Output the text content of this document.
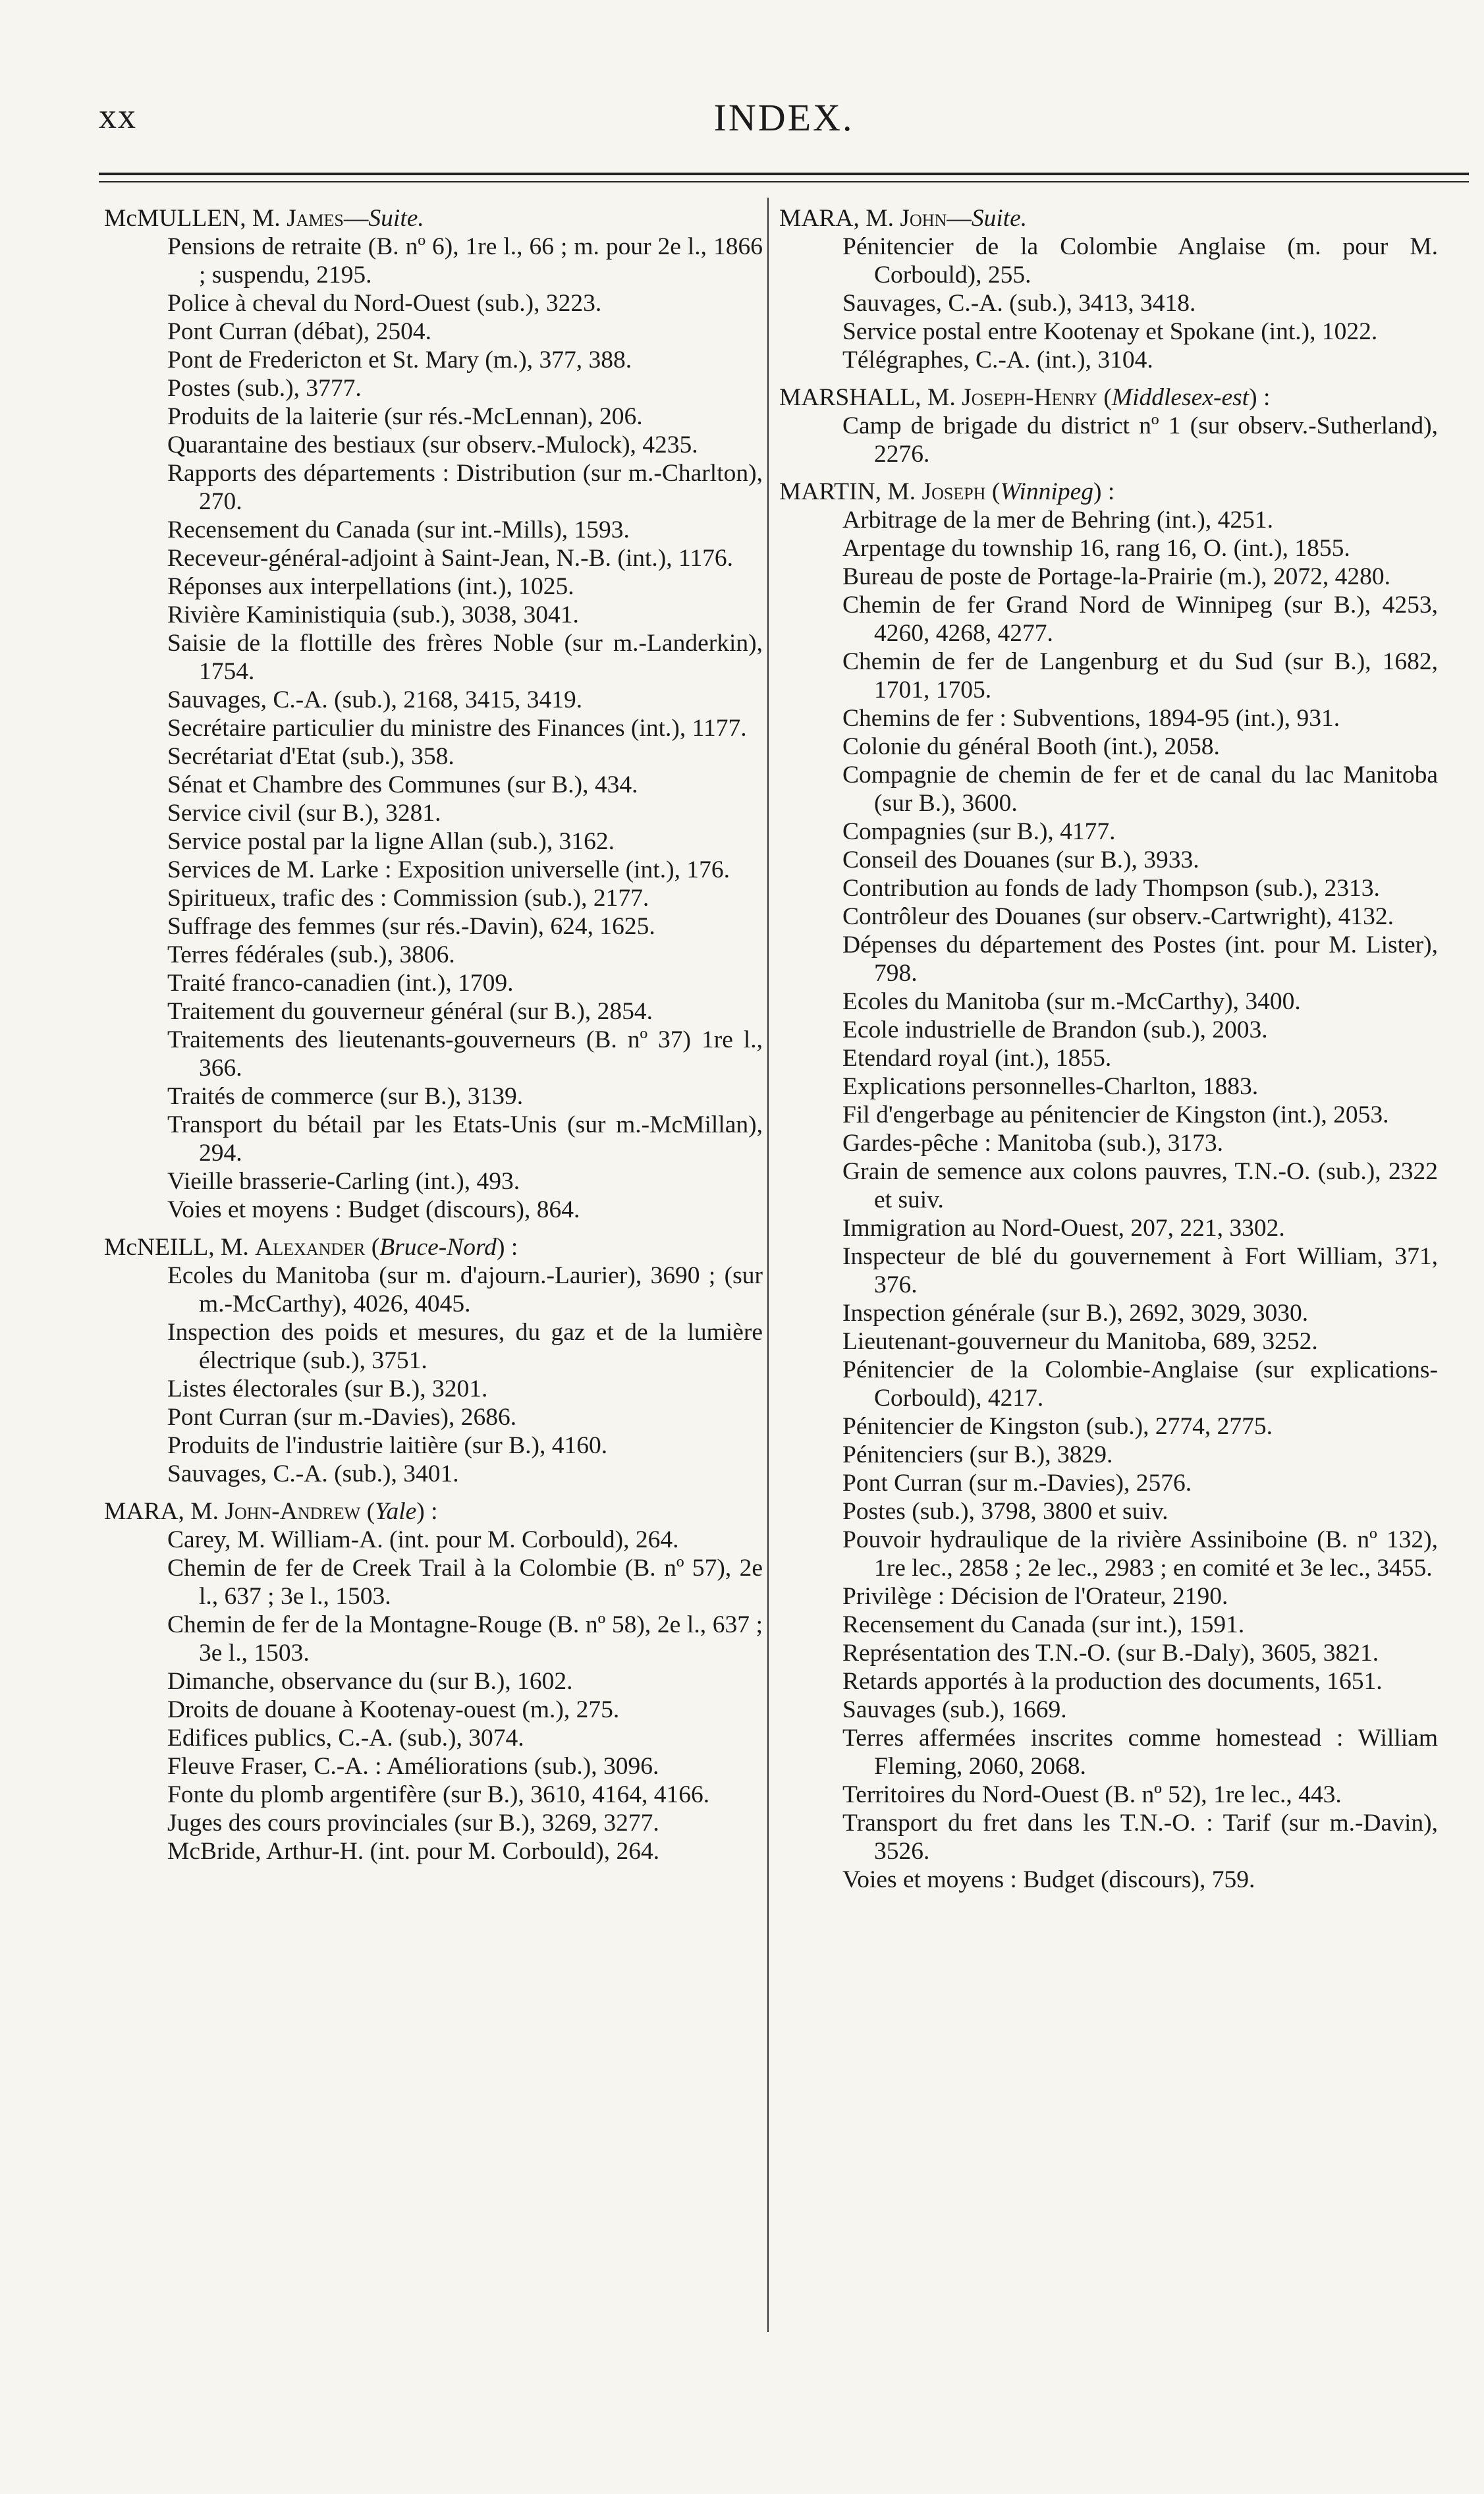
xx	INDEX.
McMULLEN, M. James—Suite.
Pensions de retraite (B. nº 6), 1re l., 66 ; m. pour 2e l., 1866 ; suspendu, 2195.
Police à cheval du Nord-Ouest (sub.), 3223.
Pont Curran (débat), 2504.
Pont de Fredericton et St. Mary (m.), 377, 388.
Postes (sub.), 3777.
Produits de la laiterie (sur rés.-McLennan), 206.
Quarantaine des bestiaux (sur observ.-Mulock), 4235.
Rapports des départements : Distribution (sur m.-Charlton), 270.
Recensement du Canada (sur int.-Mills), 1593.
Receveur-général-adjoint à Saint-Jean, N.-B. (int.), 1176.
Réponses aux interpellations (int.), 1025.
Rivière Kaministiquia (sub.), 3038, 3041.
Saisie de la flottille des frères Noble (sur m.-Landerkin), 1754.
Sauvages, C.-A. (sub.), 2168, 3415, 3419.
Secrétaire particulier du ministre des Finances (int.), 1177.
Secrétariat d'Etat (sub.), 358.
Sénat et Chambre des Communes (sur B.), 434.
Service civil (sur B.), 3281.
Service postal par la ligne Allan (sub.), 3162.
Services de M. Larke : Exposition universelle (int.), 176.
Spiritueux, trafic des : Commission (sub.), 2177.
Suffrage des femmes (sur rés.-Davin), 624, 1625.
Terres fédérales (sub.), 3806.
Traité franco-canadien (int.), 1709.
Traitement du gouverneur général (sur B.), 2854.
Traitements des lieutenants-gouverneurs (B. nº 37) 1re l., 366.
Traités de commerce (sur B.), 3139.
Transport du bétail par les Etats-Unis (sur m.-McMillan), 294.
Vieille brasserie-Carling (int.), 493.
Voies et moyens : Budget (discours), 864.
McNEILL, M. Alexander (Bruce-Nord) :
Ecoles du Manitoba (sur m. d'ajourn.-Laurier), 3690 ; (sur m.-McCarthy), 4026, 4045.
Inspection des poids et mesures, du gaz et de la lumière électrique (sub.), 3751.
Listes électorales (sur B.), 3201.
Pont Curran (sur m.-Davies), 2686.
Produits de l'industrie laitière (sur B.), 4160.
Sauvages, C.-A. (sub.), 3401.
MARA, M. John-Andrew (Yale) :
Carey, M. William-A. (int. pour M. Corbould), 264.
Chemin de fer de Creek Trail à la Colombie (B. nº 57), 2e l., 637 ; 3e l., 1503.
Chemin de fer de la Montagne-Rouge (B. nº 58), 2e l., 637 ; 3e l., 1503.
Dimanche, observance du (sur B.), 1602.
Droits de douane à Kootenay-ouest (m.), 275.
Edifices publics, C.-A. (sub.), 3074.
Fleuve Fraser, C.-A. : Améliorations (sub.), 3096.
Fonte du plomb argentifère (sur B.), 3610, 4164, 4166.
Juges des cours provinciales (sur B.), 3269, 3277.
McBride, Arthur-H. (int. pour M. Corbould), 264.
MARA, M. John—Suite.
Pénitencier de la Colombie Anglaise (m. pour M. Corbould), 255.
Sauvages, C.-A. (sub.), 3413, 3418.
Service postal entre Kootenay et Spokane (int.), 1022.
Télégraphes, C.-A. (int.), 3104.
MARSHALL, M. Joseph-Henry (Middlesex-est) :
Camp de brigade du district nº 1 (sur observ.-Sutherland), 2276.
MARTIN, M. Joseph (Winnipeg) :
Arbitrage de la mer de Behring (int.), 4251.
Arpentage du township 16, rang 16, O. (int.), 1855.
Bureau de poste de Portage-la-Prairie (m.), 2072, 4280.
Chemin de fer Grand Nord de Winnipeg (sur B.), 4253, 4260, 4268, 4277.
Chemin de fer de Langenburg et du Sud (sur B.), 1682, 1701, 1705.
Chemins de fer : Subventions, 1894-95 (int.), 931.
Colonie du général Booth (int.), 2058.
Compagnie de chemin de fer et de canal du lac Manitoba (sur B.), 3600.
Compagnies (sur B.), 4177.
Conseil des Douanes (sur B.), 3933.
Contribution au fonds de lady Thompson (sub.), 2313.
Contrôleur des Douanes (sur observ.-Cartwright), 4132.
Dépenses du département des Postes (int. pour M. Lister), 798.
Ecoles du Manitoba (sur m.-McCarthy), 3400.
Ecole industrielle de Brandon (sub.), 2003.
Etendard royal (int.), 1855.
Explications personnelles-Charlton, 1883.
Fil d'engerbage au pénitencier de Kingston (int.), 2053.
Gardes-pêche : Manitoba (sub.), 3173.
Grain de semence aux colons pauvres, T.N.-O. (sub.), 2322 et suiv.
Immigration au Nord-Ouest, 207, 221, 3302.
Inspecteur de blé du gouvernement à Fort William, 371, 376.
Inspection générale (sur B.), 2692, 3029, 3030.
Lieutenant-gouverneur du Manitoba, 689, 3252.
Pénitencier de la Colombie-Anglaise (sur explications-Corbould), 4217.
Pénitencier de Kingston (sub.), 2774, 2775.
Pénitenciers (sur B.), 3829.
Pont Curran (sur m.-Davies), 2576.
Postes (sub.), 3798, 3800 et suiv.
Pouvoir hydraulique de la rivière Assiniboine (B. nº 132), 1re lec., 2858 ; 2e lec., 2983 ; en comité et 3e lec., 3455.
Privilège : Décision de l'Orateur, 2190.
Recensement du Canada (sur int.), 1591.
Représentation des T.N.-O. (sur B.-Daly), 3605, 3821.
Retards apportés à la production des documents, 1651.
Sauvages (sub.), 1669.
Terres affermées inscrites comme homestead : William Fleming, 2060, 2068.
Territoires du Nord-Ouest (B. nº 52), 1re lec., 443.
Transport du fret dans les T.N.-O. : Tarif (sur m.-Davin), 3526.
Voies et moyens : Budget (discours), 759.
